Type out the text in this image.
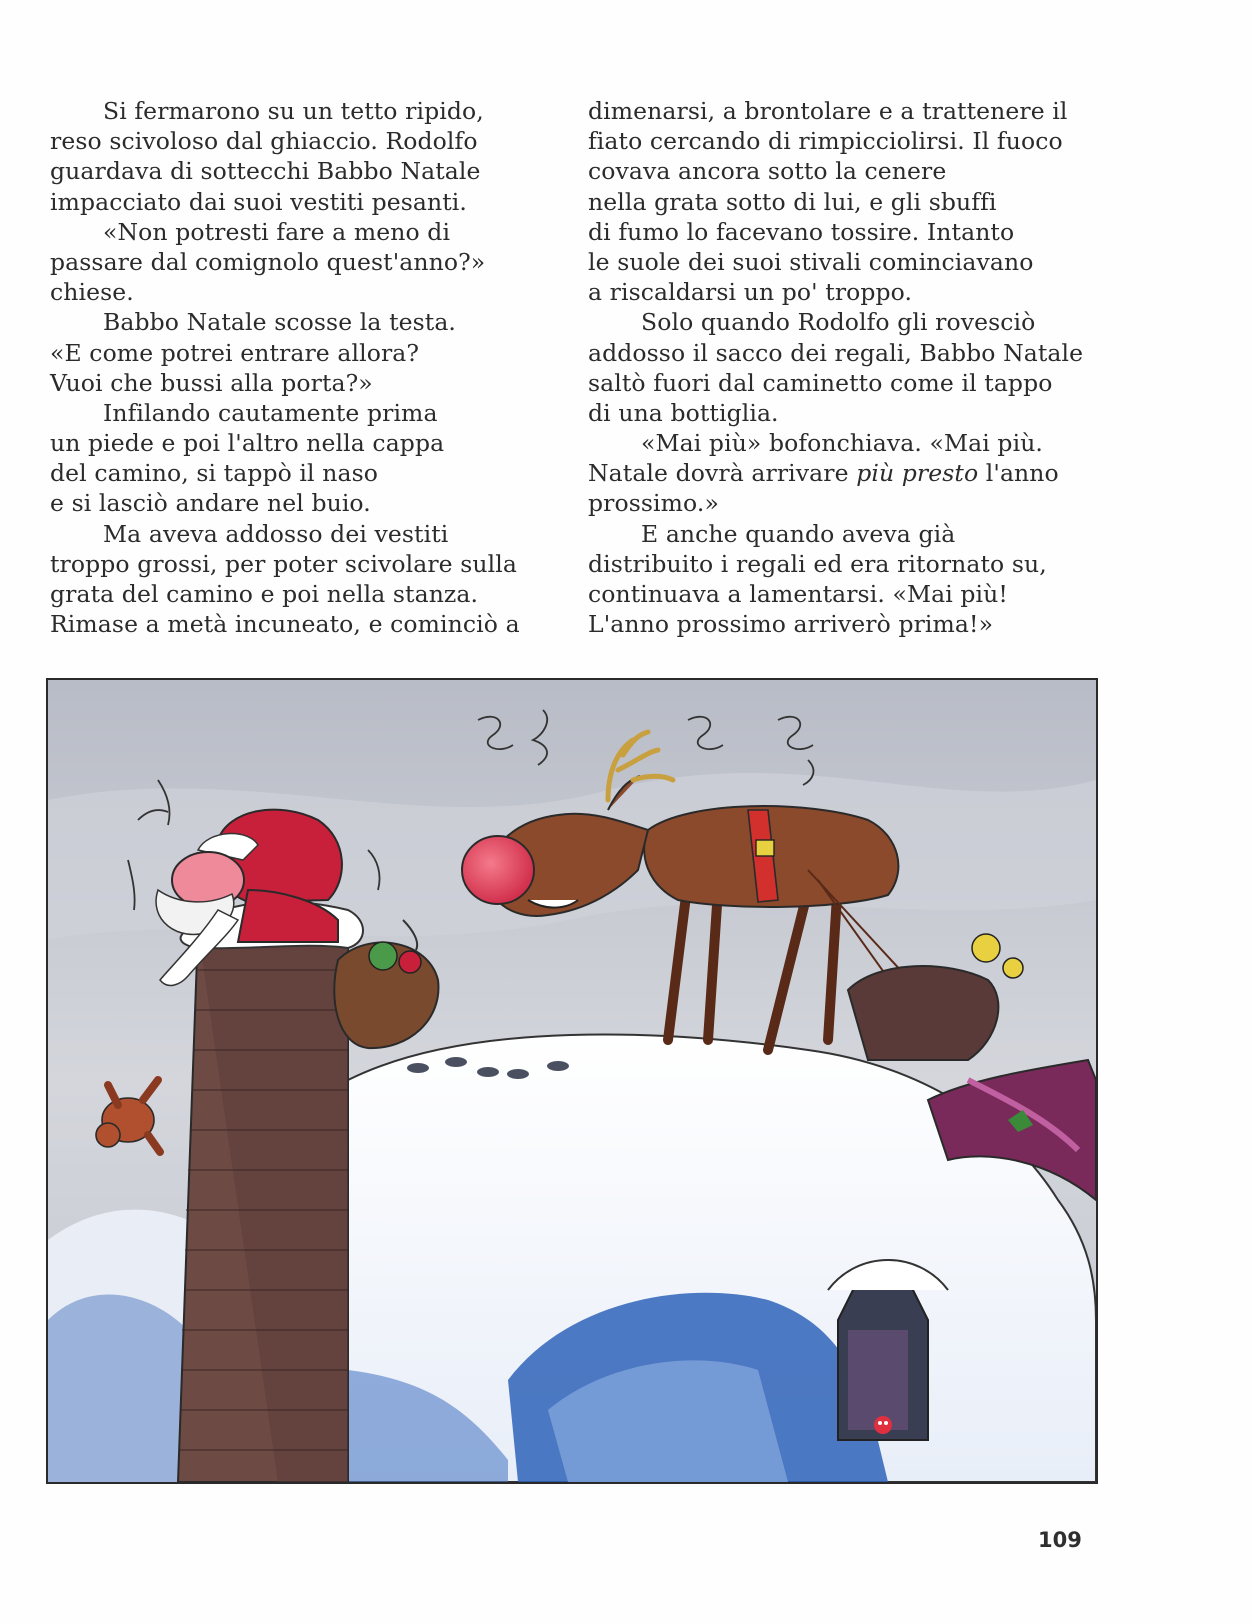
Si fermarono su un tetto ripido,
reso scivoloso dal ghiaccio. Rodolfo
guardava di sottecchi Babbo Natale
impacciato dai suoi vestiti pesanti.
«Non potresti fare a meno di
passare dal comignolo quest'anno?»
chiese.
Babbo Natale scosse la testa.
«E come potrei entrare allora?
Vuoi che bussi alla porta?»
Infilando cautamente prima
un piede e poi l'altro nella cappa
del camino, si tappò il naso
e si lasciò andare nel buio.
Ma aveva addosso dei vestiti
troppo grossi, per poter scivolare sulla
grata del camino e poi nella stanza.
Rimase a metà incuneato, e cominciò a
dimenarsi, a brontolare e a trattenere il
fiato cercando di rimpicciolirsi. Il fuoco
covava ancora sotto la cenere
nella grata sotto di lui, e gli sbuffi
di fumo lo facevano tossire. Intanto
le suole dei suoi stivali cominciavano
a riscaldarsi un po' troppo.
Solo quando Rodolfo gli rovesciò
addosso il sacco dei regali, Babbo Natale
saltò fuori dal caminetto come il tappo
di una bottiglia.
«Mai più» bofonchiava. «Mai più.
Natale dovrà arrivare più presto l'anno
prossimo.»
E anche quando aveva già
distribuito i regali ed era ritornato su,
continuava a lamentarsi. «Mai più!
L'anno prossimo arriverò prima!»
109
